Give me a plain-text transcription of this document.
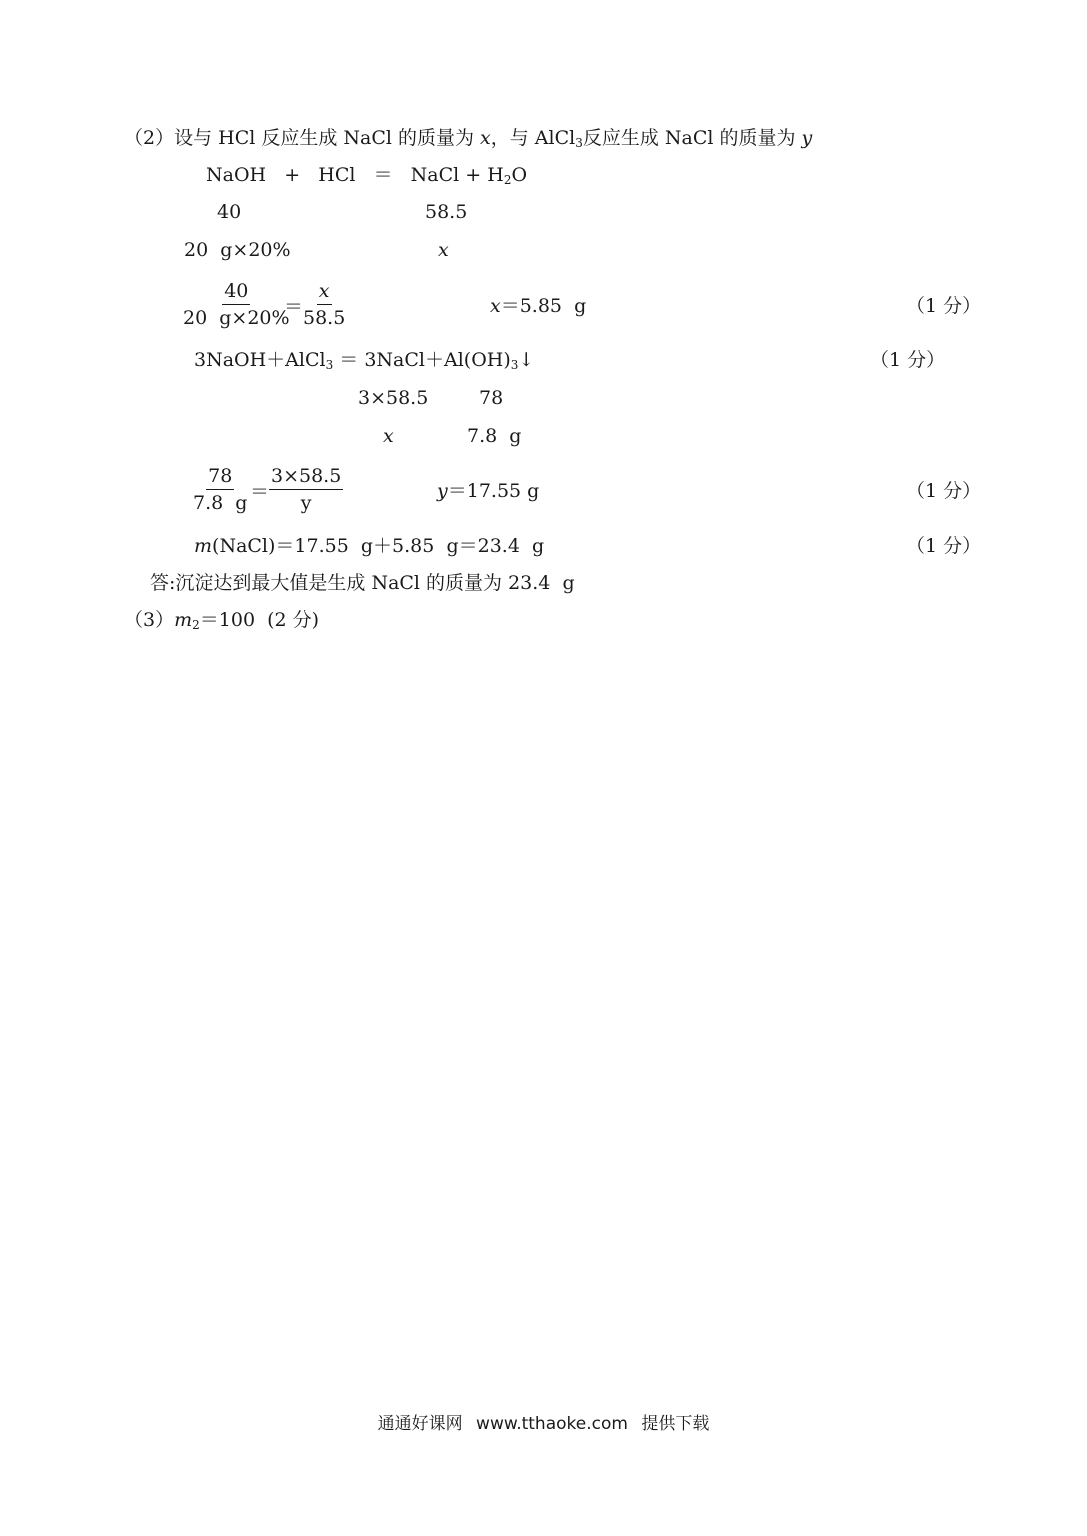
（2）设与 HCl 反应生成 NaCl 的质量为 x，与 AlCl$_3$反应生成 NaCl 的质量为 y
NaOH   +   HCl   ＝   NaCl + $H_2O$
40	58.5
20  g×20%	x
$\frac{40}{20 g\times 20\%}$
＝ $\frac{x}{58.5}$	x＝5.85  g	（1 分）
3NaOH＋AlCl$_3$ ＝ $3NaCl+Al(OH)_3↓$	（1 分）
3×58.5	78
x	7.8  g
$\frac{78}{7.8 g} = \frac{3\times 58.5}{y}$	y＝17.55 g	（1 分）
m(NaCl)＝17.55  g＋5.85  g＝23.4  g	（1 分）
答:沉淀达到最大值是生成 NaCl 的质量为 23.4  g
$(3)m_2=100$  (2 分)
通通好课网 www.tthaoke.com 提供下载
